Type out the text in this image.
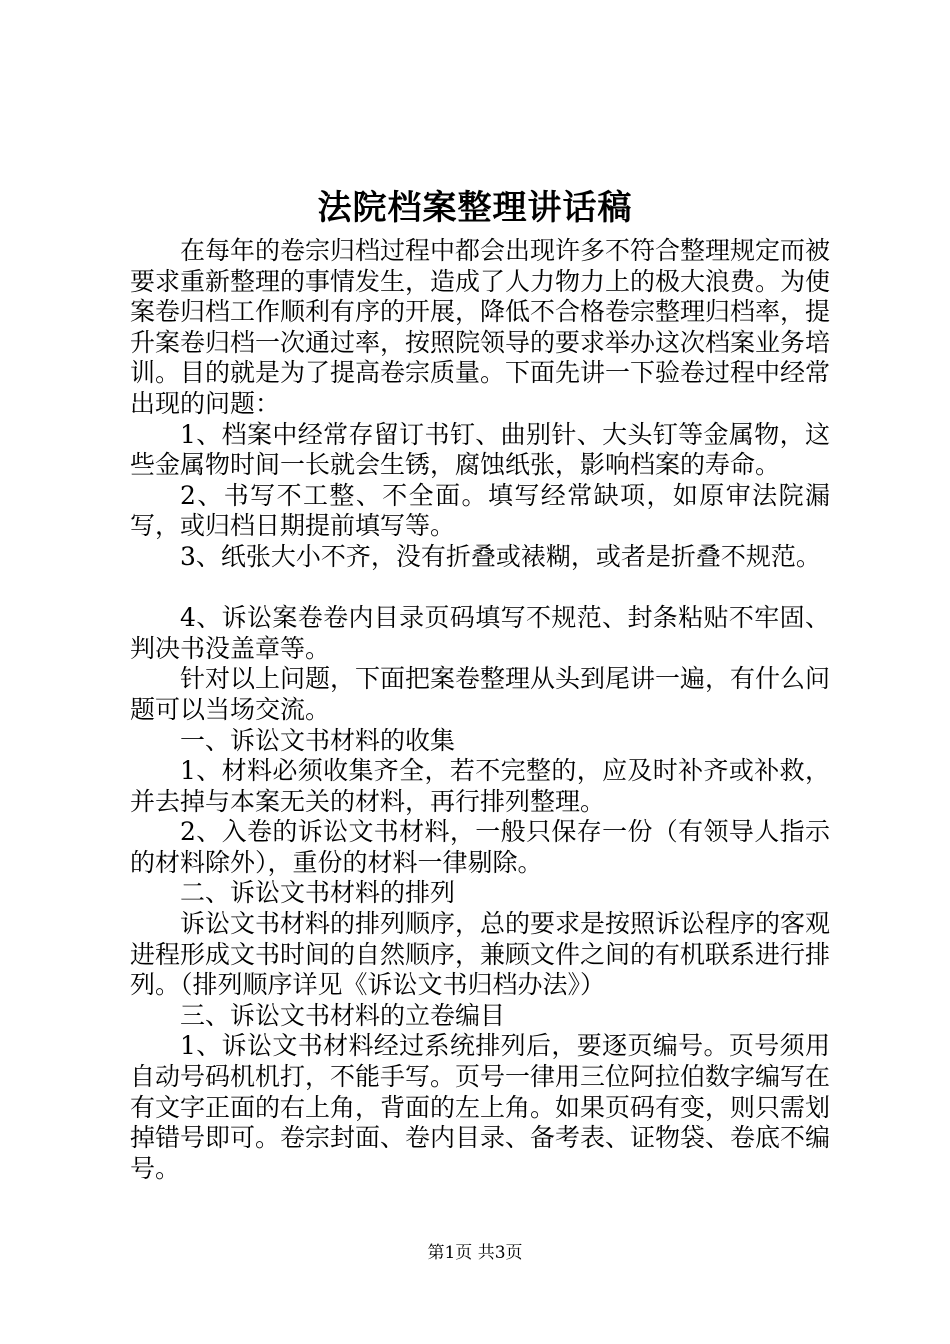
法院档案整理讲话稿

在每年的卷宗归档过程中都会出现许多不符合整理规定而被要求重新整理的事情发生，造成了人力物力上的极大浪费。为使案卷归档工作顺利有序的开展，降低不合格卷宗整理归档率，提升案卷归档一次通过率，按照院领导的要求举办这次档案业务培训。目的就是为了提高卷宗质量。下面先讲一下验卷过程中经常出现的问题：

1、档案中经常存留订书钉、曲别针、大头钉等金属物，这些金属物时间一长就会生锈，腐蚀纸张，影响档案的寿命。

2、书写不工整、不全面。填写经常缺项，如原审法院漏写，或归档日期提前填写等。

3、纸张大小不齐，没有折叠或裱糊，或者是折叠不规范。

4、诉讼案卷卷内目录页码填写不规范、封条粘贴不牢固、判决书没盖章等。

针对以上问题，下面把案卷整理从头到尾讲一遍，有什么问题可以当场交流。

一、诉讼文书材料的收集

1、材料必须收集齐全，若不完整的，应及时补齐或补救，并去掉与本案无关的材料，再行排列整理。

2、入卷的诉讼文书材料，一般只保存一份（有领导人指示的材料除外），重份的材料一律剔除。

二、诉讼文书材料的排列

诉讼文书材料的排列顺序，总的要求是按照诉讼程序的客观进程形成文书时间的自然顺序，兼顾文件之间的有机联系进行排列。（排列顺序详见《诉讼文书归档办法》）

三、诉讼文书材料的立卷编目

1、诉讼文书材料经过系统排列后，要逐页编号。页号须用自动号码机机打，不能手写。页号一律用三位阿拉伯数字编写在有文字正面的右上角，背面的左上角。如果页码有变，则只需划掉错号即可。卷宗封面、卷内目录、备考表、证物袋、卷底不编号。

第1页 共3页
